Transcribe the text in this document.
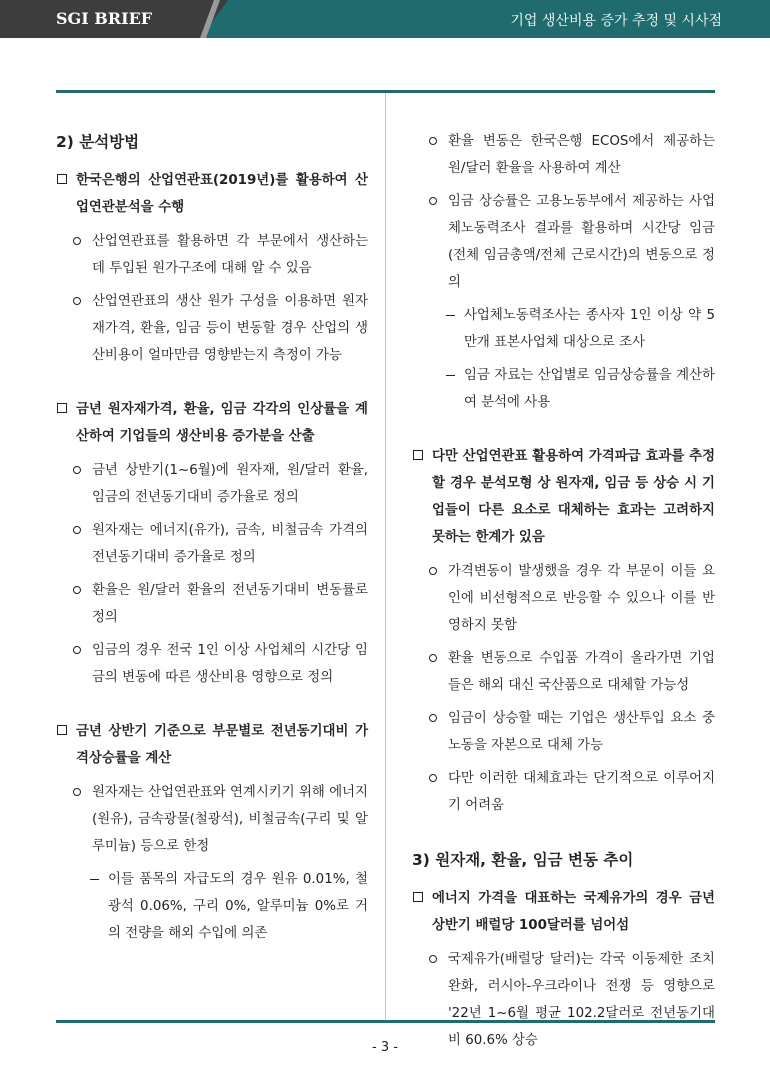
SGI BRIEF	기업 생산비용 증가 추정 및 시사점
2) 분석방법
한국은행의 산업연관표(2019년)를 활용하여 산업연관분석을 수행
산업연관표를 활용하면 각 부문에서 생산하는 데 투입된 원가구조에 대해 알 수 있음
산업연관표의 생산 원가 구성을 이용하면 원자재가격, 환율, 임금 등이 변동할 경우 산업의 생산비용이 얼마만큼 영향받는지 측정이 가능
금년 원자재가격, 환율, 임금 각각의 인상률을 계산하여 기업들의 생산비용 증가분을 산출
금년 상반기(1~6월)에 원자재, 원/달러 환율, 임금의 전년동기대비 증가율로 정의
원자재는 에너지(유가), 금속, 비철금속 가격의 전년동기대비 증가율로 정의
환율은 원/달러 환율의 전년동기대비 변동률로 정의
임금의 경우 전국 1인 이상 사업체의 시간당 임금의 변동에 따른 생산비용 영향으로 정의
금년 상반기 기준으로 부문별로 전년동기대비 가격상승률을 계산
원자재는 산업연관표와 연계시키기 위해 에너지(원유), 금속광물(철광석), 비철금속(구리 및 알루미늄) 등으로 한정
이들 품목의 자급도의 경우 원유 0.01%, 철광석 0.06%, 구리 0%, 알루미늄 0%로 거의 전량을 해외 수입에 의존
환율 변동은 한국은행 ECOS에서 제공하는 원/달러 환율을 사용하여 계산
임금 상승률은 고용노동부에서 제공하는 사업체노동력조사 결과를 활용하며 시간당 임금(전체 임금총액/전체 근로시간)의 변동으로 정의
사업체노동력조사는 종사자 1인 이상 약 5만개 표본사업체 대상으로 조사
임금 자료는 산업별로 임금상승률을 계산하여 분석에 사용
다만 산업연관표 활용하여 가격파급 효과를 추정할 경우 분석모형 상 원자재, 임금 등 상승 시 기업들이 다른 요소로 대체하는 효과는 고려하지 못하는 한계가 있음
가격변동이 발생했을 경우 각 부문이 이들 요인에 비선형적으로 반응할 수 있으나 이를 반영하지 못함
환율 변동으로 수입품 가격이 올라가면 기업들은 해외 대신 국산품으로 대체할 가능성
임금이 상승할 때는 기업은 생산투입 요소 중 노동을 자본으로 대체 가능
다만 이러한 대체효과는 단기적으로 이루어지기 어려움
3) 원자재, 환율, 임금 변동 추이
에너지 가격을 대표하는 국제유가의 경우 금년 상반기 배럴당 100달러를 넘어섬
국제유가(배럴당 달러)는 각국 이동제한 조치 완화, 러시아-우크라이나 전쟁 등 영향으로 '22년 1~6월 평균 102.2달러로 전년동기대비 60.6% 상승
- 3 -
